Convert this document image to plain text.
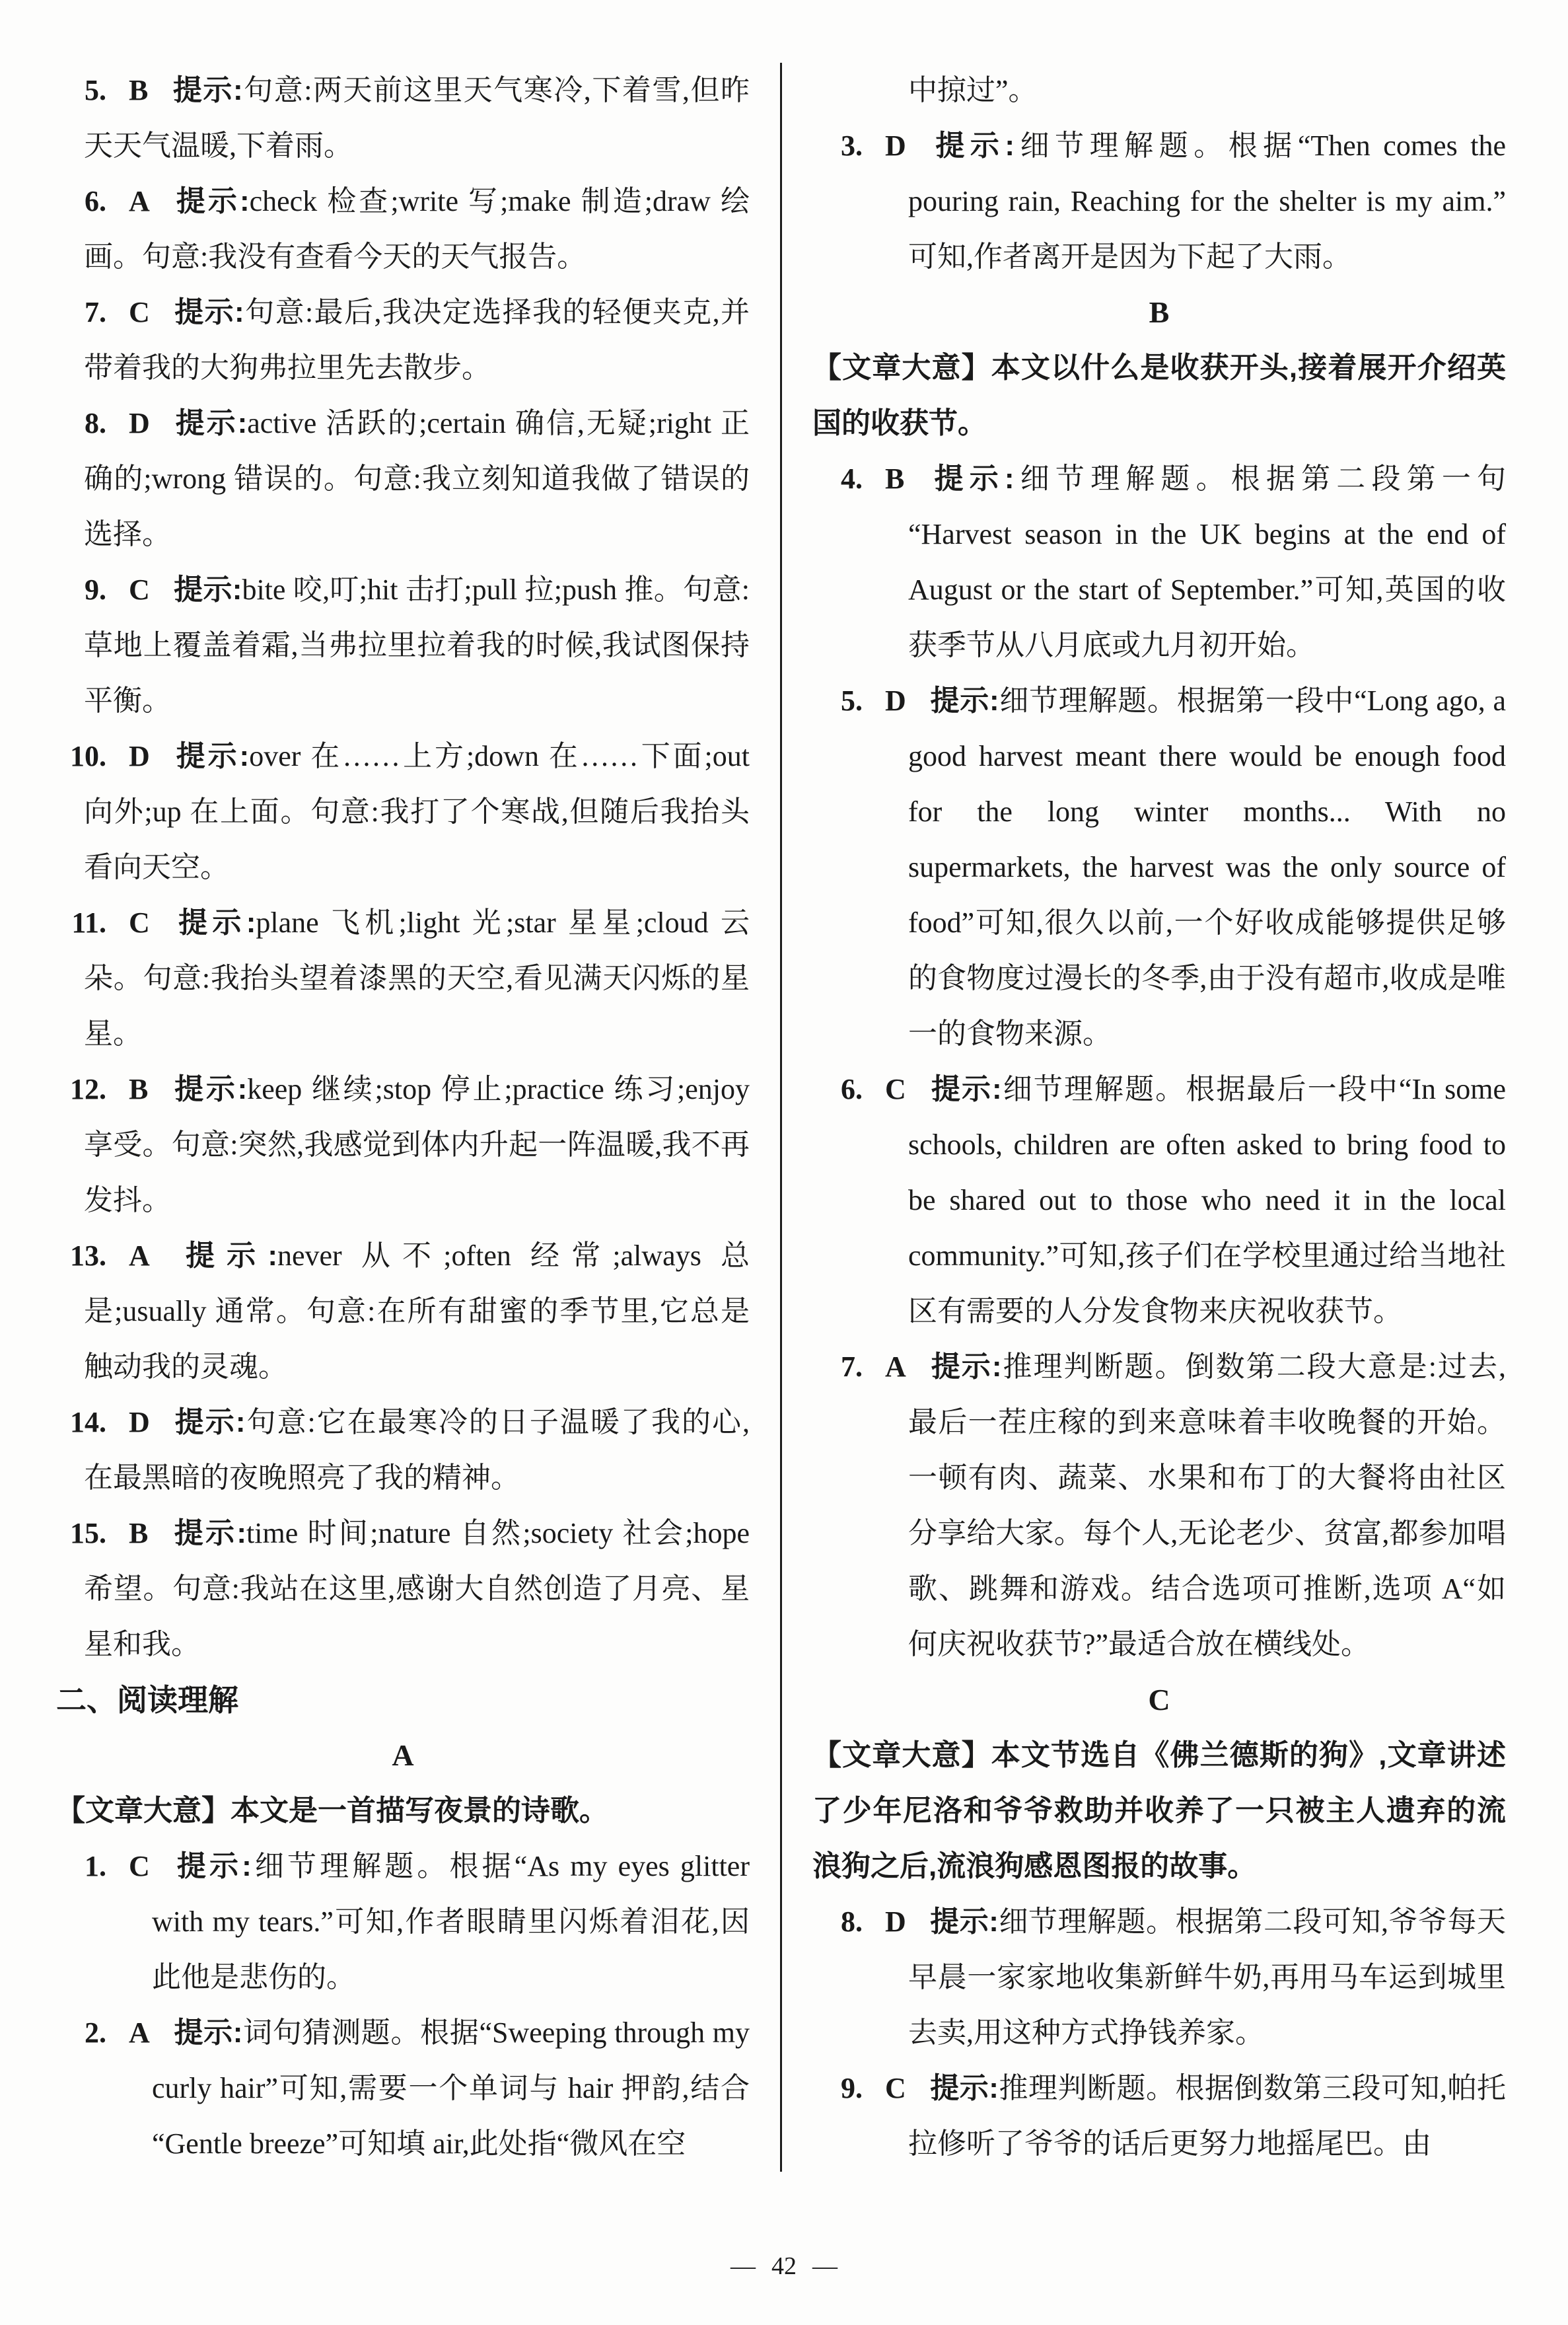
5. B 提示:句意:两天前这里天气寒冷,下着雪,但昨天天气温暖,下着雨。
6. A 提示:check 检查;write 写;make 制造;draw 绘画。句意:我没有查看今天的天气报告。
7. C 提示:句意:最后,我决定选择我的轻便夹克,并带着我的大狗弗拉里先去散步。
8. D 提示:active 活跃的;certain 确信,无疑;right 正确的;wrong 错误的。句意:我立刻知道我做了错误的选择。
9. C 提示:bite 咬,叮;hit 击打;pull 拉;push 推。句意:草地上覆盖着霜,当弗拉里拉着我的时候,我试图保持平衡。
10. D 提示:over 在……上方;down 在……下面;out 向外;up 在上面。句意:我打了个寒战,但随后我抬头看向天空。
11. C 提示:plane 飞机;light 光;star 星星;cloud 云朵。句意:我抬头望着漆黑的天空,看见满天闪烁的星星。
12. B 提示:keep 继续;stop 停止;practice 练习;enjoy 享受。句意:突然,我感觉到体内升起一阵温暖,我不再发抖。
13. A 提示:never 从不;often 经常;always 总是;usually 通常。句意:在所有甜蜜的季节里,它总是触动我的灵魂。
14. D 提示:句意:它在最寒冷的日子温暖了我的心,在最黑暗的夜晚照亮了我的精神。
15. B 提示:time 时间;nature 自然;society 社会;hope 希望。句意:我站在这里,感谢大自然创造了月亮、星星和我。
二、阅读理解
A
【文章大意】本文是一首描写夜景的诗歌。
1. C 提示:细节理解题。根据“As my eyes glitter with my tears.”可知,作者眼睛里闪烁着泪花,因此他是悲伤的。
2. A 提示:词句猜测题。根据“Sweeping through my curly hair”可知,需要一个单词与 hair 押韵,结合“Gentle breeze”可知填 air,此处指“微风在空
中掠过”。
3. D 提示:细节理解题。根据“Then comes the pouring rain, Reaching for the shelter is my aim.”可知,作者离开是因为下起了大雨。
B
【文章大意】本文以什么是收获开头,接着展开介绍英国的收获节。
4. B 提示:细节理解题。根据第二段第一句“Harvest season in the UK begins at the end of August or the start of September.”可知,英国的收获季节从八月底或九月初开始。
5. D 提示:细节理解题。根据第一段中“Long ago, a good harvest meant there would be enough food for the long winter months... With no supermarkets, the harvest was the only source of food”可知,很久以前,一个好收成能够提供足够的食物度过漫长的冬季,由于没有超市,收成是唯一的食物来源。
6. C 提示:细节理解题。根据最后一段中“In some schools, children are often asked to bring food to be shared out to those who need it in the local community.”可知,孩子们在学校里通过给当地社区有需要的人分发食物来庆祝收获节。
7. A 提示:推理判断题。倒数第二段大意是:过去,最后一茬庄稼的到来意味着丰收晚餐的开始。一顿有肉、蔬菜、水果和布丁的大餐将由社区分享给大家。每个人,无论老少、贫富,都参加唱歌、跳舞和游戏。结合选项可推断,选项 A“如何庆祝收获节?”最适合放在横线处。
C
【文章大意】本文节选自《佛兰德斯的狗》,文章讲述了少年尼洛和爷爷救助并收养了一只被主人遗弃的流浪狗之后,流浪狗感恩图报的故事。
8. D 提示:细节理解题。根据第二段可知,爷爷每天早晨一家家地收集新鲜牛奶,再用马车运到城里去卖,用这种方式挣钱养家。
9. C 提示:推理判断题。根据倒数第三段可知,帕托拉修听了爷爷的话后更努力地摇尾巴。由
— 42 —
